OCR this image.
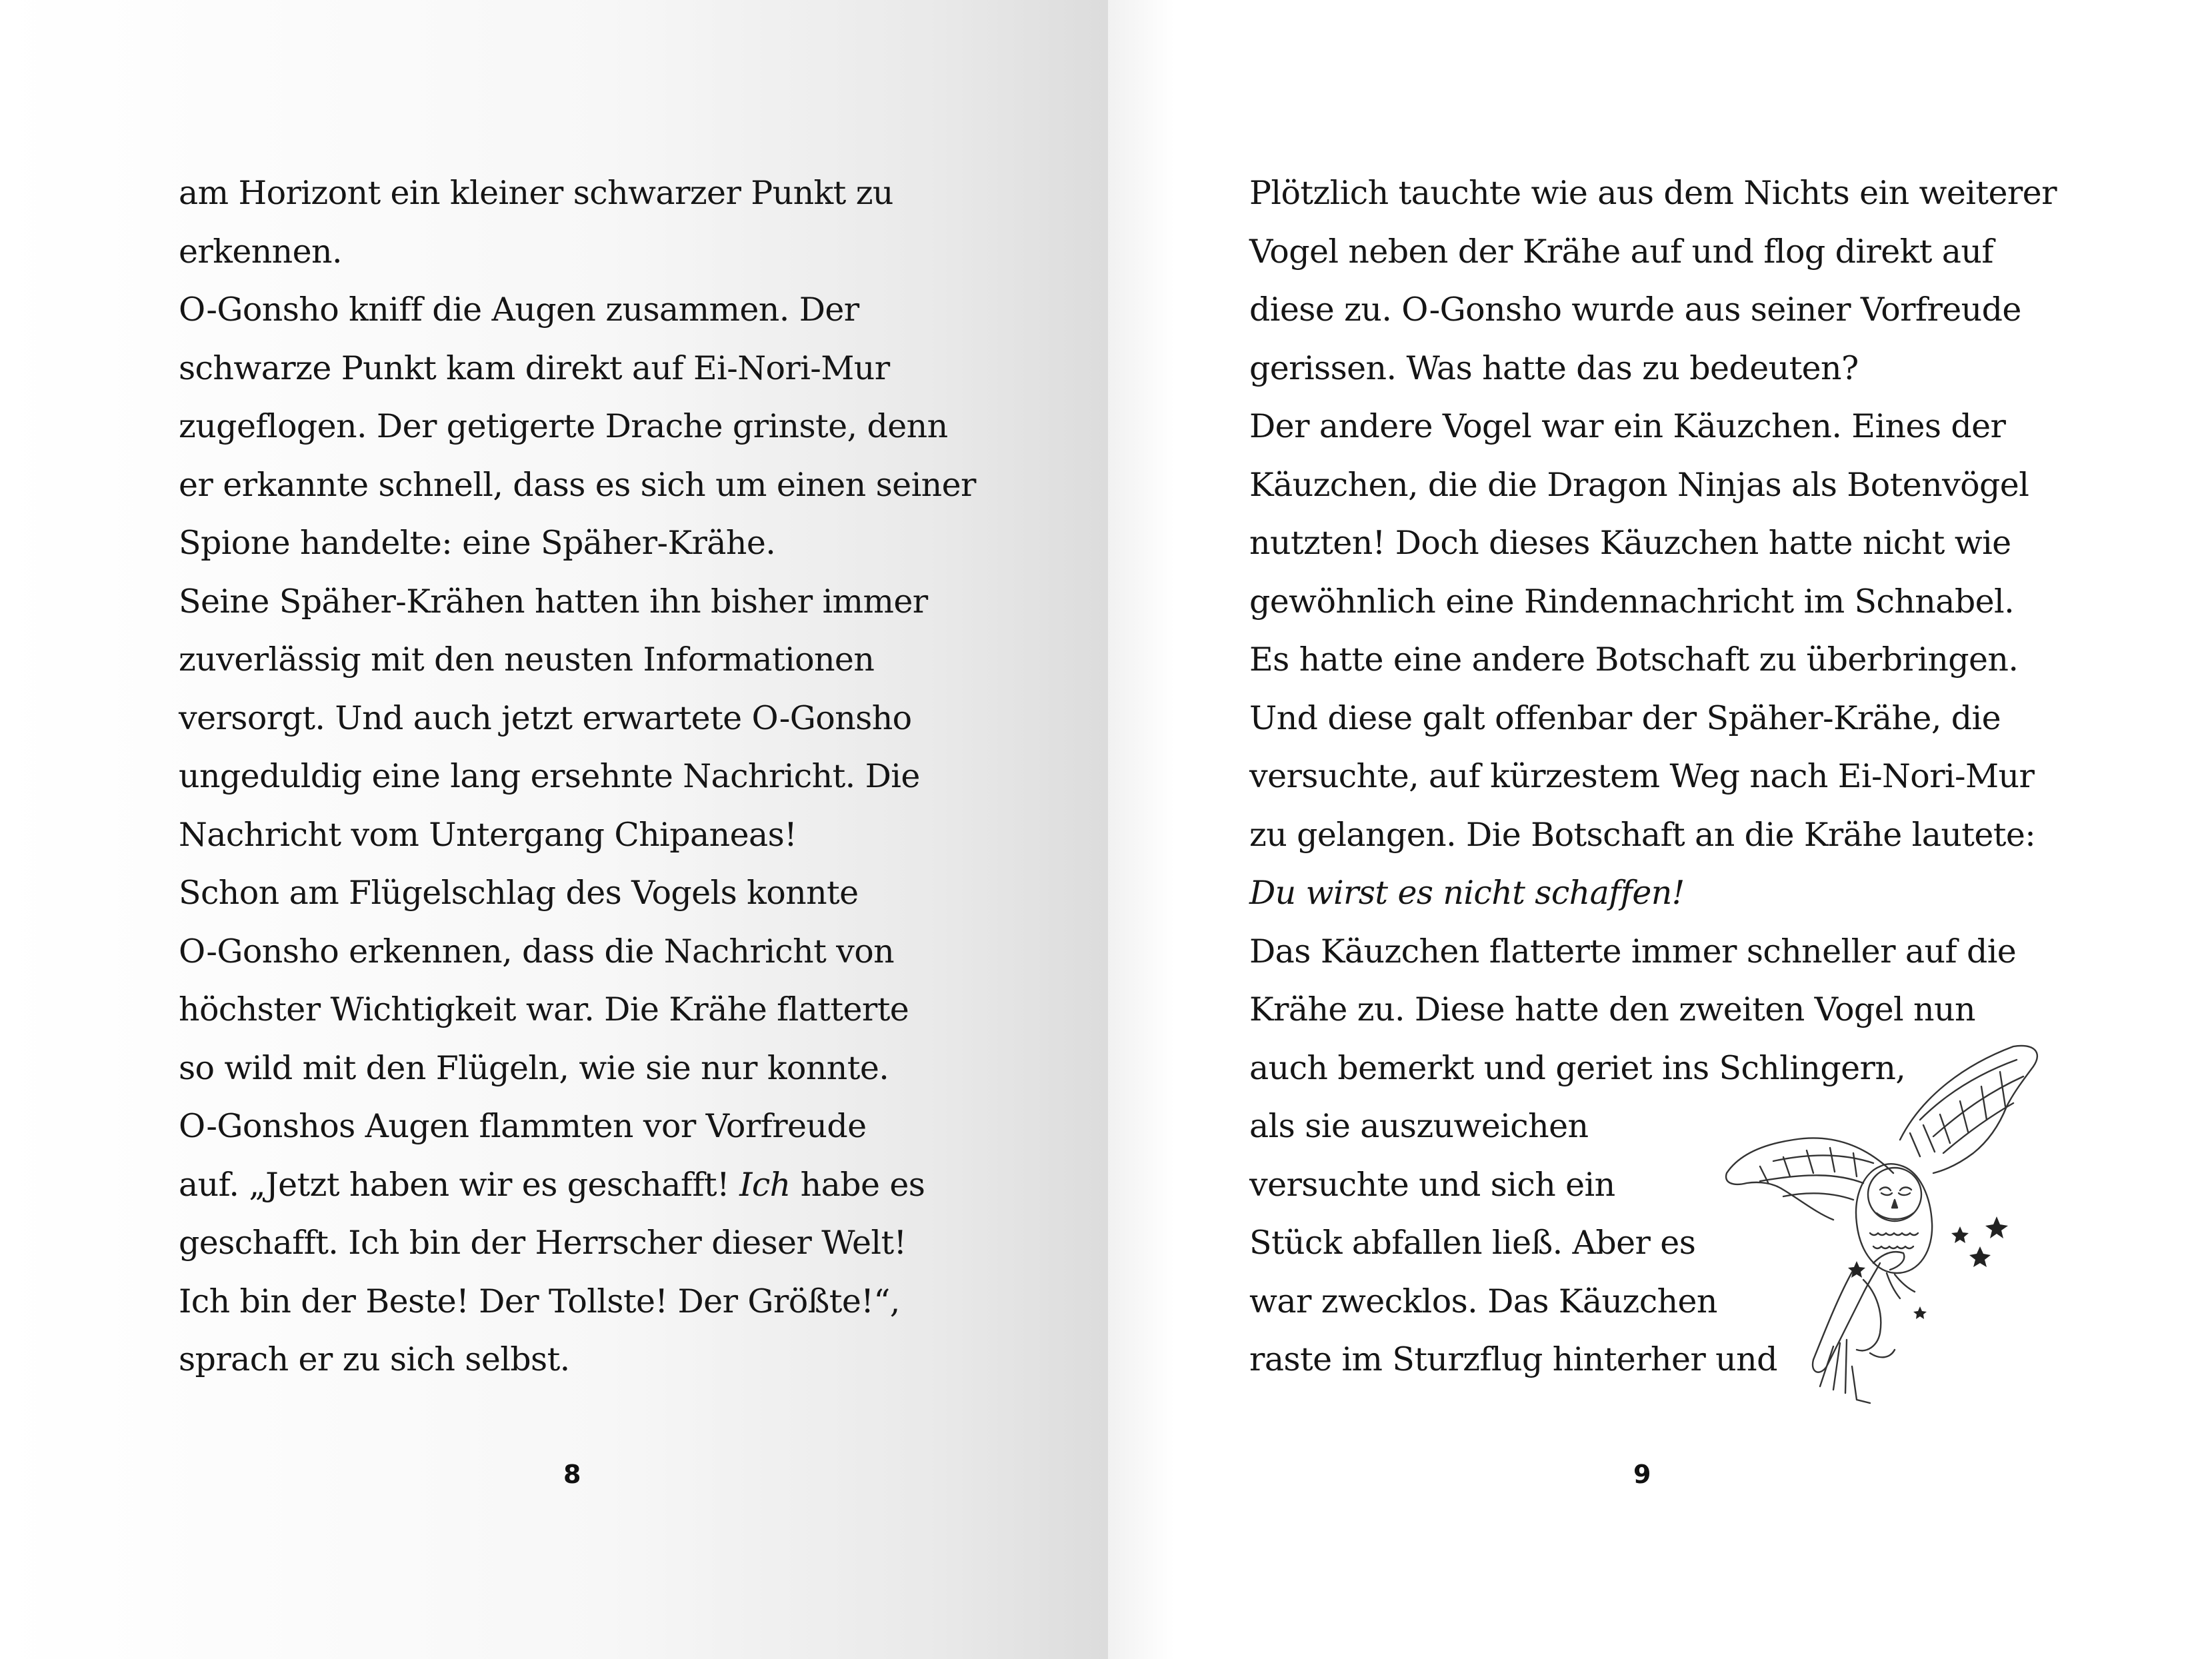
am Horizont ein kleiner schwarzer Punkt zu
erkennen.
O-Gonsho kniff die Augen zusammen. Der
schwarze Punkt kam direkt auf Ei-Nori-Mur
zugeflogen. Der getigerte Drache grinste, denn
er erkannte schnell, dass es sich um einen seiner
Spione handelte: eine Späher-Krähe.
Seine Späher-Krähen hatten ihn bisher immer
zuverlässig mit den neusten Informationen
versorgt. Und auch jetzt erwartete O-Gonsho
ungeduldig eine lang ersehnte Nachricht. Die
Nachricht vom Untergang Chipaneas!
Schon am Flügelschlag des Vogels konnte
O-Gonsho erkennen, dass die Nachricht von
höchster Wichtigkeit war. Die Krähe flatterte
so wild mit den Flügeln, wie sie nur konnte.
O-Gonshos Augen flammten vor Vorfreude
auf. „Jetzt haben wir es geschafft! Ich habe es
geschafft. Ich bin der Herrscher dieser Welt!
Ich bin der Beste! Der Tollste! Der Größte!“,
sprach er zu sich selbst.
8
Plötzlich tauchte wie aus dem Nichts ein weiterer
Vogel neben der Krähe auf und flog direkt auf
diese zu. O-Gonsho wurde aus seiner Vorfreude
gerissen. Was hatte das zu bedeuten?
Der andere Vogel war ein Käuzchen. Eines der
Käuzchen, die die Dragon Ninjas als Botenvögel
nutzten! Doch dieses Käuzchen hatte nicht wie
gewöhnlich eine Rindennachricht im Schnabel.
Es hatte eine andere Botschaft zu überbringen.
Und diese galt offenbar der Späher-Krähe, die
versuchte, auf kürzestem Weg nach Ei-Nori-Mur
zu gelangen. Die Botschaft an die Krähe lautete:
Du wirst es nicht schaffen!
Das Käuzchen flatterte immer schneller auf die
Krähe zu. Diese hatte den zweiten Vogel nun
auch bemerkt und geriet ins Schlingern,
als sie auszuweichen
versuchte und sich ein
Stück abfallen ließ. Aber es
war zwecklos. Das Käuzchen
raste im Sturzflug hinterher und
9
